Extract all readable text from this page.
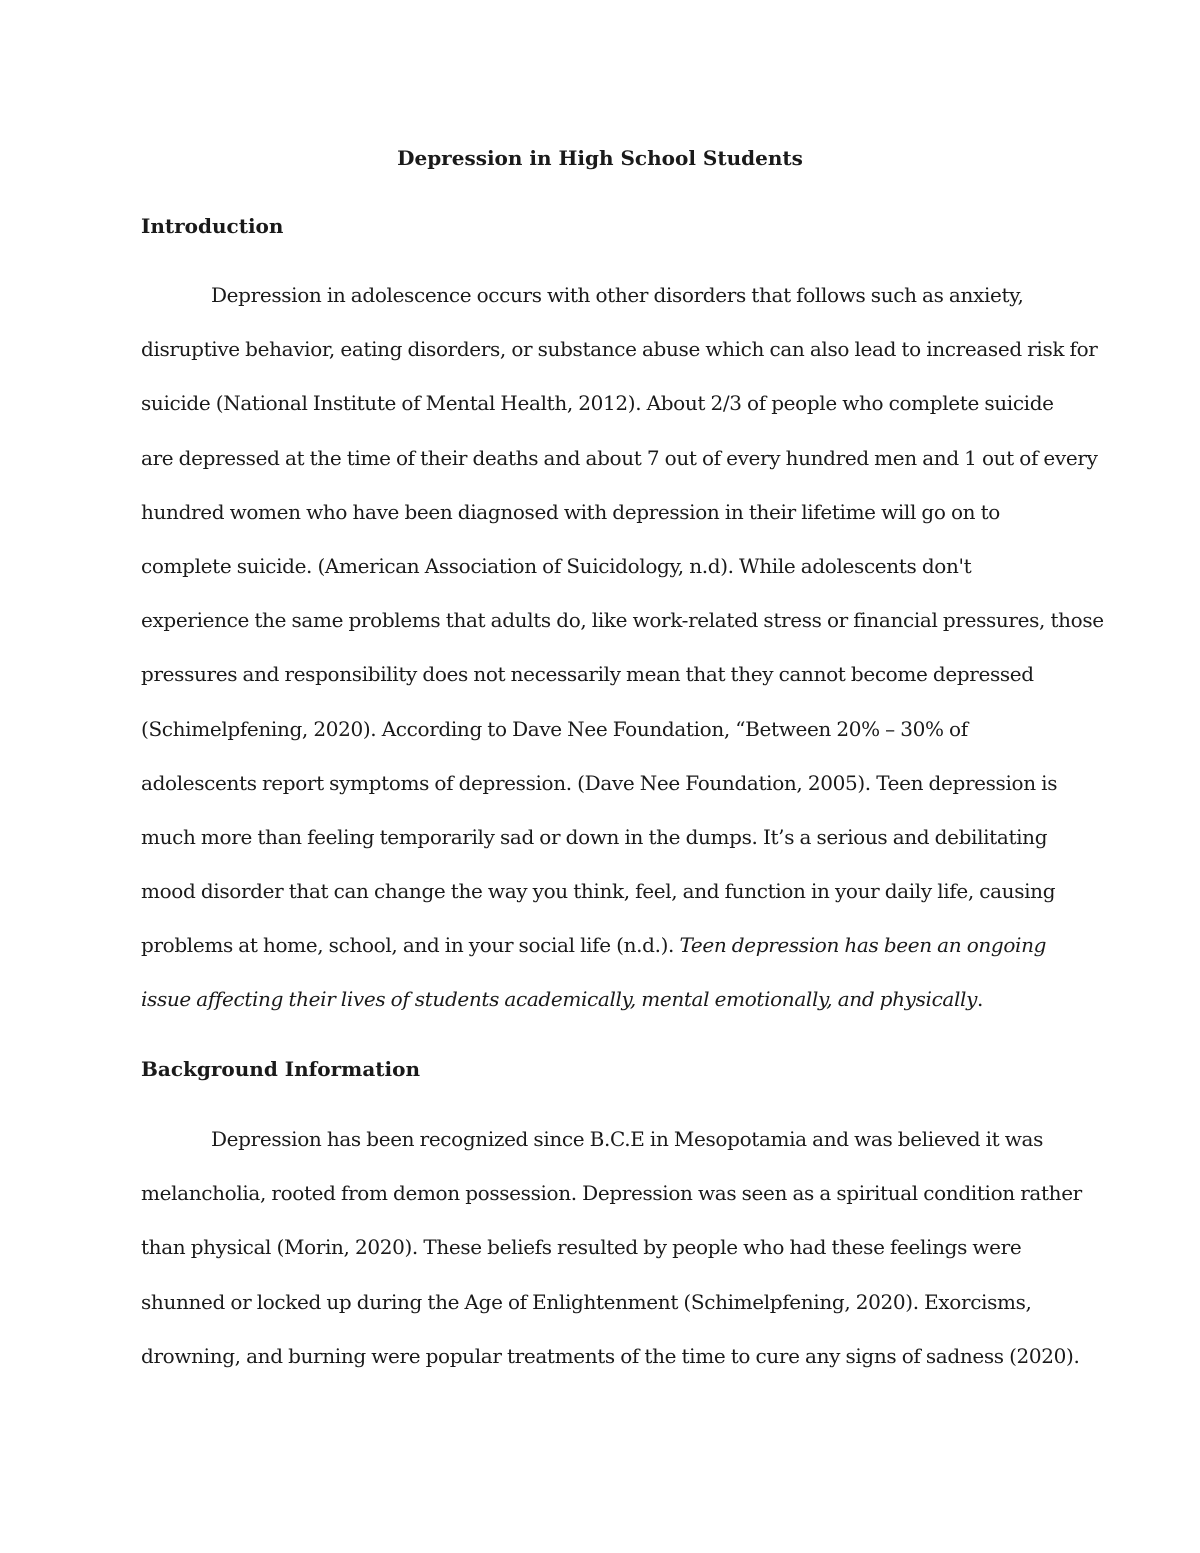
Depression in High School Students
Introduction
Depression in adolescence occurs with other disorders that follows such as anxiety,
disruptive behavior, eating disorders, or substance abuse which can also lead to increased risk for
suicide (National Institute of Mental Health, 2012). About 2/3 of people who complete suicide
are depressed at the time of their deaths and about 7 out of every hundred men and 1 out of every
hundred women who have been diagnosed with depression in their lifetime will go on to
complete suicide. (American Association of Suicidology, n.d). While adolescents don't
experience the same problems that adults do, like work-related stress or financial pressures, those
pressures and responsibility does not necessarily mean that they cannot become depressed
(Schimelpfening, 2020). According to Dave Nee Foundation, “Between 20% – 30% of
adolescents report symptoms of depression. (Dave Nee Foundation, 2005). Teen depression is
much more than feeling temporarily sad or down in the dumps. It’s a serious and debilitating
mood disorder that can change the way you think, feel, and function in your daily life, causing
problems at home, school, and in your social life (n.d.). Teen depression has been an ongoing
issue affecting their lives of students academically, mental emotionally, and physically.
Background Information
Depression has been recognized since B.C.E in Mesopotamia and was believed it was
melancholia, rooted from demon possession. Depression was seen as a spiritual condition rather
than physical (Morin, 2020). These beliefs resulted by people who had these feelings were
shunned or locked up during the Age of Enlightenment (Schimelpfening, 2020). Exorcisms,
drowning, and burning were popular treatments of the time to cure any signs of sadness (2020).
